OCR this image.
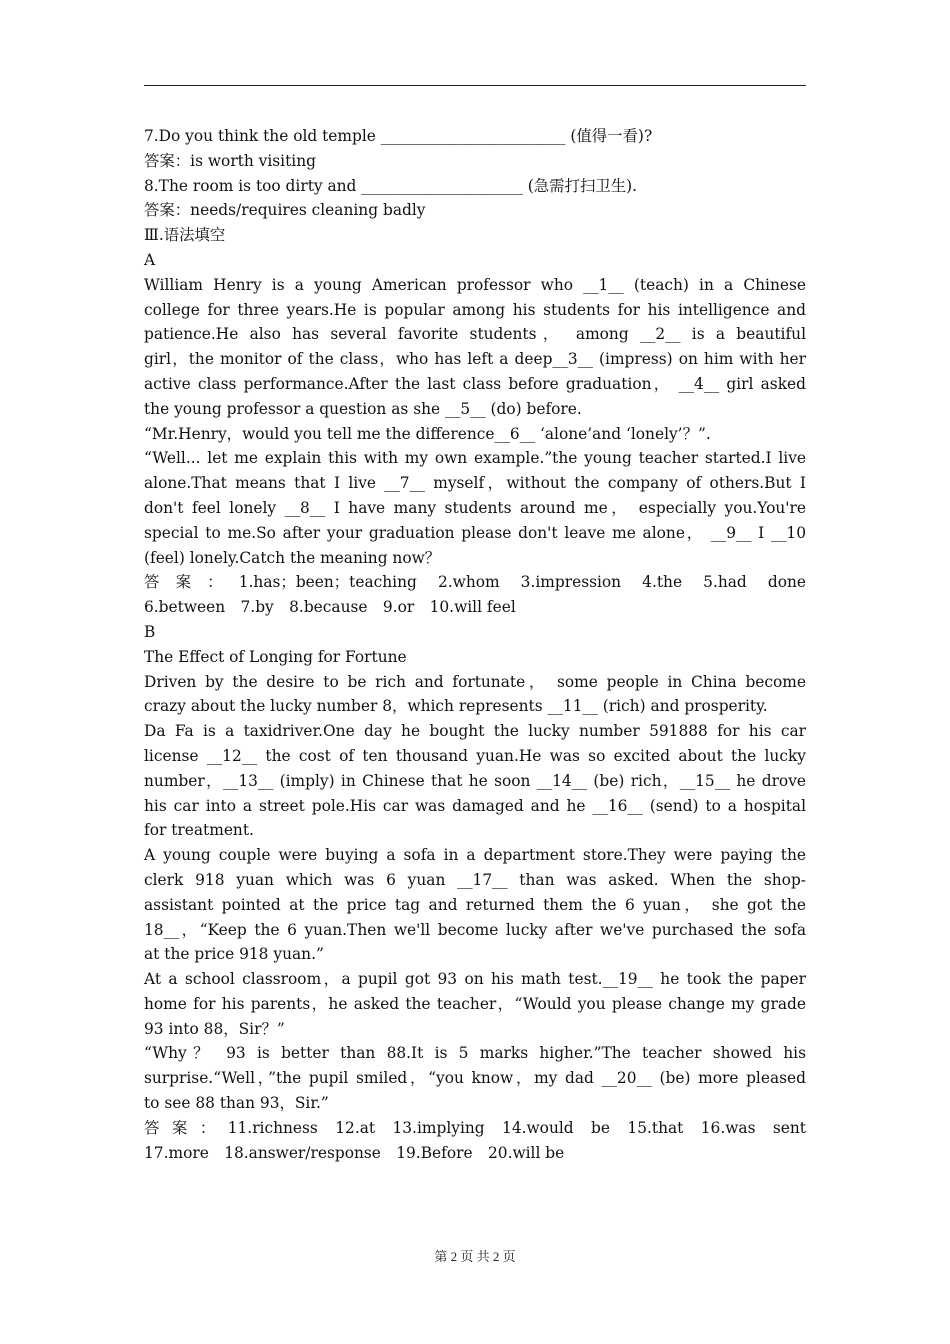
7.Do you think the old temple ________________________ (值得一看)?
答案：is worth visiting
8.The room is too dirty and _____________________ (急需打扫卫生).
答案：needs/requires cleaning badly
Ⅲ.语法填空
A
William Henry is a young American professor who __1__ (teach) in a Chinese
college for three years.He is popular among his students for his intelligence and
patience.He also has several favorite students， among __2__ is a beautiful
girl，the monitor of the class，who has left a deep__3__ (impress) on him with her
active class performance.After the last class before graduation， __4__ girl asked
the young professor a question as she __5__ (do) before.
“Mr.Henry，would you tell me the difference__6__ ‘alone’and ‘lonely’？”.
“Well... let me explain this with my own example.”the young teacher started.I live
alone.That means that I live __7__ myself，without the company of others.But I
don't feel lonely __8__ I have many students around me， especially you.You're
special to me.So after your graduation please don't leave me alone， __9__ I __10
(feel) lonely.Catch the meaning now？
答案：1.has；been；teaching 2.whom 3.impression 4.the 5.had done
6.between　7.by　8.because　9.or　10.will feel
B
The Effect of Longing for Fortune
Driven by the desire to be rich and fortunate， some people in China become
crazy about the lucky number 8，which represents __11__ (rich) and prosperity.
Da Fa is a taxidriver.One day he bought the lucky number 591888 for his car
license __12__ the cost of ten thousand yuan.He was so excited about the lucky
number，__13__ (imply) in Chinese that he soon __14__ (be) rich，__15__ he drove
his car into a street pole.His car was damaged and he __16__ (send) to a hospital
for treatment.
A young couple were buying a sofa in a department store.They were paying the
clerk 918 yuan which was 6 yuan __17__ than was asked. When the shop-
assistant pointed at the price tag and returned them the 6 yuan， she got the
18__，“Keep the 6 yuan.Then we'll become lucky after we've purchased the sofa
at the price 918 yuan.”
At a school classroom，a pupil got 93 on his math test.__19__ he took the paper
home for his parents，he asked the teacher，“Would you please change my grade
93 into 88，Sir？”
“Why？ 93 is better than 88.It is 5 marks higher.”The teacher showed his
surprise.“Well，”the pupil smiled，“you know，my dad __20__ (be) more pleased
to see 88 than 93，Sir.”
答案：11.richness 12.at 13.implying 14.would be 15.that 16.was sent
17.more　18.answer/response　19.Before　20.will be
第 2 页 共 2 页
